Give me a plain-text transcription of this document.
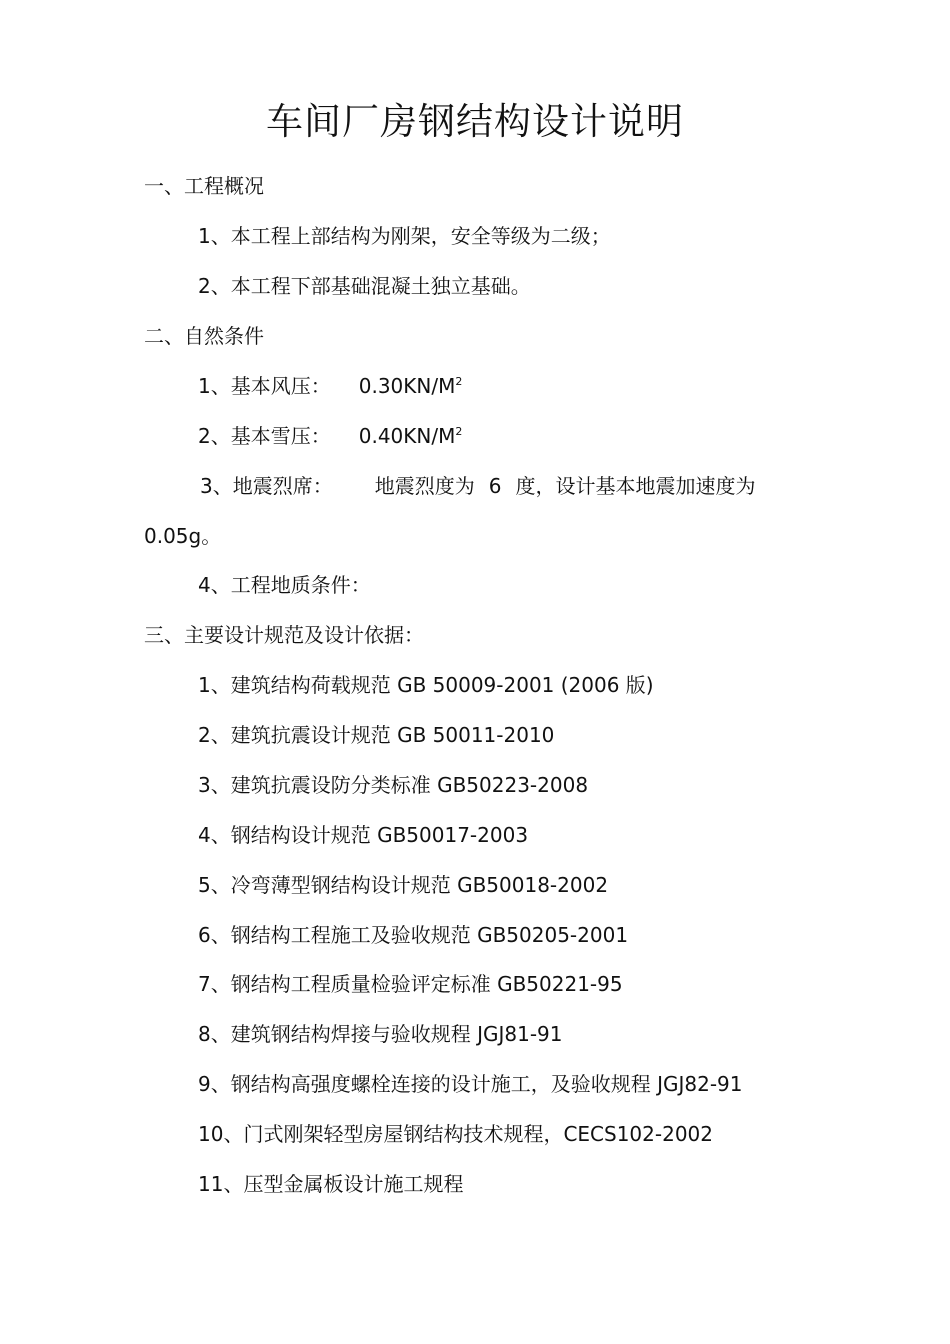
车间厂房钢结构设计说明

一、工程概况

1、本工程上部结构为刚架，安全等级为二级；

2、本工程下部基础混凝土独立基础。

二、自然条件

1、基本风压： $0.30KN/M^2$

2、基本雪压： $0.40KN/M^2$

3、地震烈席： 地震烈度为 6 度，设计基本地震加速度为

0.05g。

4、工程地质条件：

三、主要设计规范及设计依据：

1、建筑结构荷载规范 GB 50009-2001 (2006 版)

2、建筑抗震设计规范 GB 50011-2010

3、建筑抗震设防分类标准 GB50223-2008

4、钢结构设计规范 GB50017-2003

5、冷弯薄型钢结构设计规范 GB50018-2002

6、钢结构工程施工及验收规范 GB50205-2001

7、钢结构工程质量检验评定标准 GB50221-95

8、建筑钢结构焊接与验收规程 JGJ81-91

9、钢结构高强度螺栓连接的设计施工，及验收规程 JGJ82-91

10、门式刚架轻型房屋钢结构技术规程，CECS102-2002

11、压型金属板设计施工规程
